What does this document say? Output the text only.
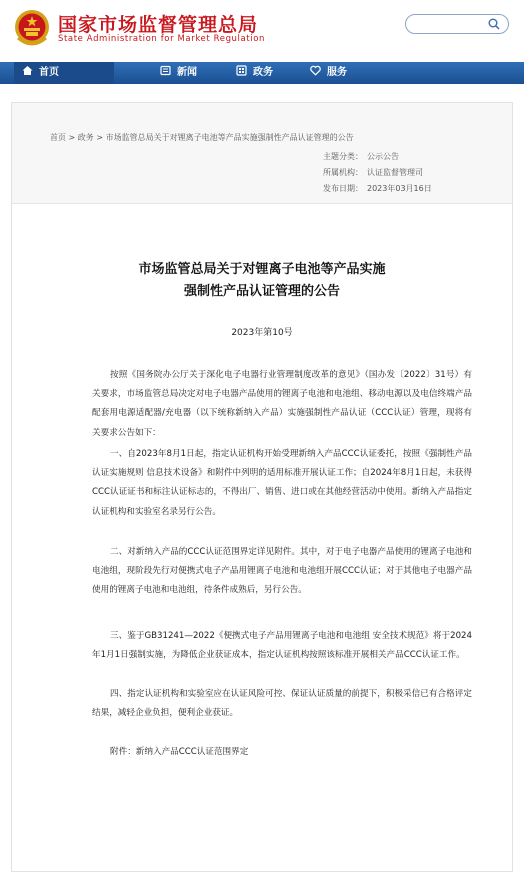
国家市场监督管理总局
State Administration for Market Regulation
首页	新闻	政务	服务
首页 > 政务 > 市场监管总局关于对锂离子电池等产品实施强制性产品认证管理的公告
主题分类： 公示公告
所属机构： 认证监督管理司
发布日期： 2023年03月16日
市场监管总局关于对锂离子电池等产品实施
强制性产品认证管理的公告
2023年第10号

按照《国务院办公厅关于深化电子电器行业管理制度改革的意见》（国办发〔2022〕31号）有关要求，市场监管总局决定对电子电器产品使用的锂离子电池和电池组、移动电源以及电信终端产品配套用电源适配器/充电器（以下统称新纳入产品）实施强制性产品认证（CCC认证）管理，现将有关要求公告如下：

一、自2023年8月1日起，指定认证机构开始受理新纳入产品CCC认证委托，按照《强制性产品认证实施规则 信息技术设备》和附件中列明的适用标准开展认证工作；自2024年8月1日起，未获得CCC认证证书和标注认证标志的，不得出厂、销售、进口或在其他经营活动中使用。新纳入产品指定认证机构和实验室名录另行公告。

二、对新纳入产品的CCC认证范围界定详见附件。其中，对于电子电器产品使用的锂离子电池和电池组，现阶段先行对便携式电子产品用锂离子电池和电池组开展CCC认证；对于其他电子电器产品使用的锂离子电池和电池组，待条件成熟后，另行公告。

三、鉴于GB31241—2022《便携式电子产品用锂离子电池和电池组 安全技术规范》将于2024年1月1日强制实施，为降低企业获证成本，指定认证机构按照该标准开展相关产品CCC认证工作。

四、指定认证机构和实验室应在认证风险可控、保证认证质量的前提下，积极采信已有合格评定结果，减轻企业负担，便利企业获证。

附件：新纳入产品CCC认证范围界定
